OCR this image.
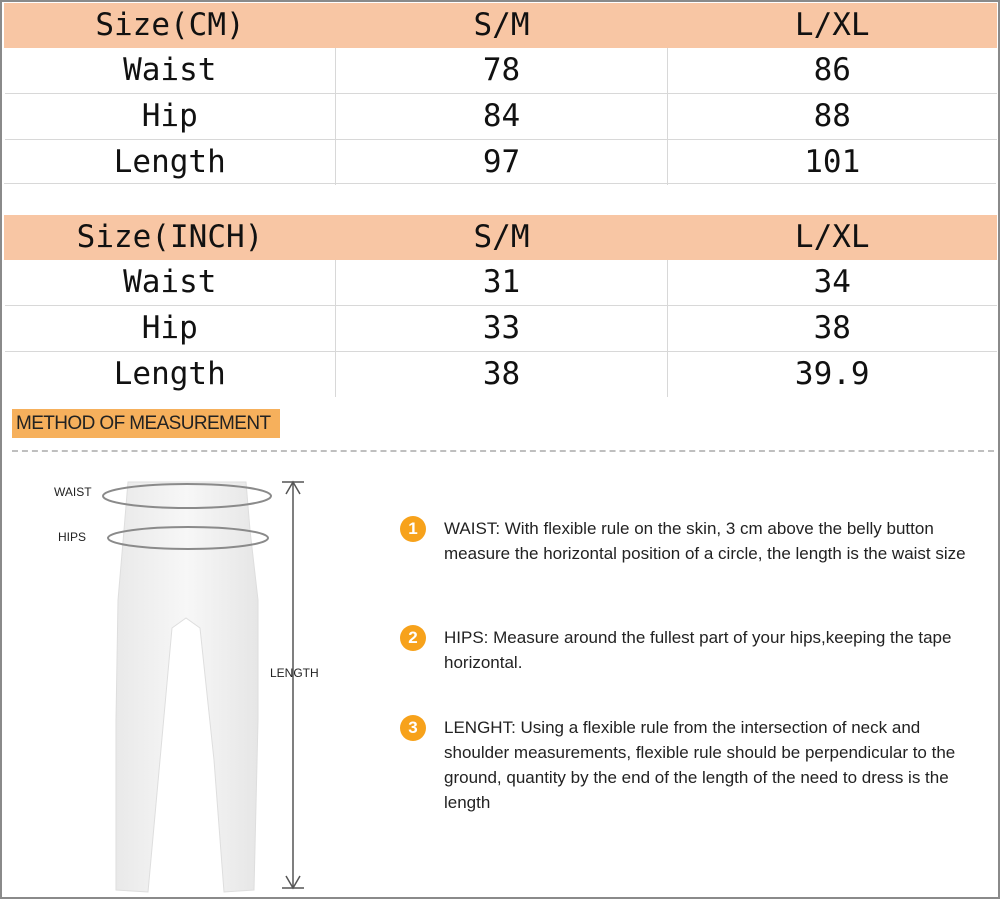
Size(CM)	S/M	L/XL
Waist	78	86
Hip	84	88
Length	97	101
Size(INCH)	S/M	L/XL
Waist	31	34
Hip	33	38
Length	38	39.9
METHOD OF MEASUREMENT
WAIST
HIPS
LENGTH
1	WAIST: With flexible rule on the skin, 3 cm above the belly button measure the horizontal position of a circle, the length is the waist size
2	HIPS: Measure around the fullest part of your hips,keeping the tape horizontal.
3	LENGHT: Using a flexible rule from the intersection of neck and shoulder measurements, flexible rule should be perpendicular to the ground, quantity by the end of the length of the need to dress is the length
